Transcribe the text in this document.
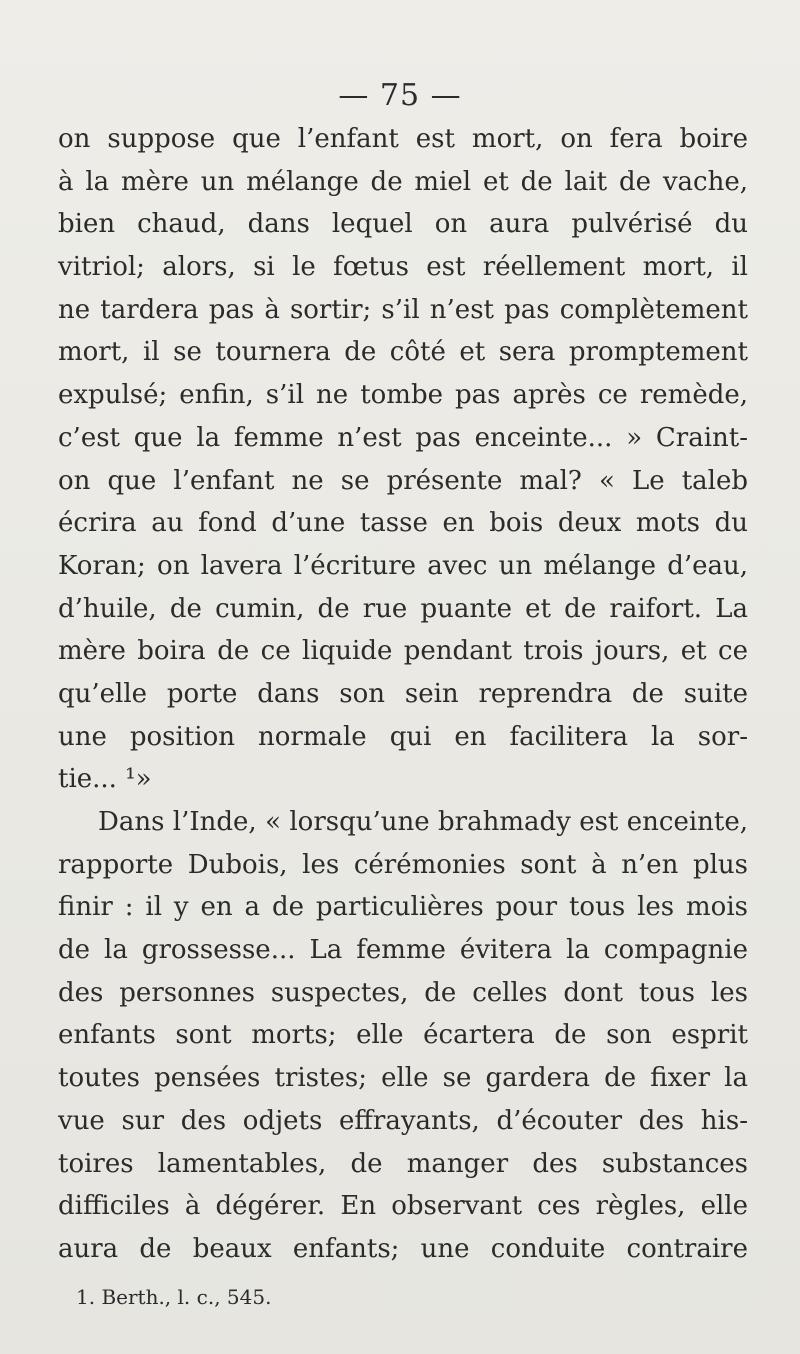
— 75 —
on suppose que l’enfant est mort, on fera boire
à la mère un mélange de miel et de lait de vache,
bien chaud, dans lequel on aura pulvérisé du
vitriol; alors, si le fœtus est réellement mort, il
ne tardera pas à sortir; s’il n’est pas complètement
mort, il se tournera de côté et sera promptement
expulsé; enfin, s’il ne tombe pas après ce remède,
c’est que la femme n’est pas enceinte... » Craint-
on que l’enfant ne se présente mal? « Le taleb
écrira au fond d’une tasse en bois deux mots du
Koran; on lavera l’écriture avec un mélange d’eau,
d’huile, de cumin, de rue puante et de raifort. La
mère boira de ce liquide pendant trois jours, et ce
qu’elle porte dans son sein reprendra de suite
une position normale qui en facilitera la sor-
tie... ¹»
Dans l’Inde, « lorsqu’une brahmady est enceinte,
rapporte Dubois, les cérémonies sont à n’en plus
finir : il y en a de particulières pour tous les mois
de la grossesse... La femme évitera la compagnie
des personnes suspectes, de celles dont tous les
enfants sont morts; elle écartera de son esprit
toutes pensées tristes; elle se gardera de fixer la
vue sur des odjets effrayants, d’écouter des his-
toires lamentables, de manger des substances
difficiles à dégérer. En observant ces règles, elle
aura de beaux enfants; une conduite contraire
1. Berth., l. c., 545.
